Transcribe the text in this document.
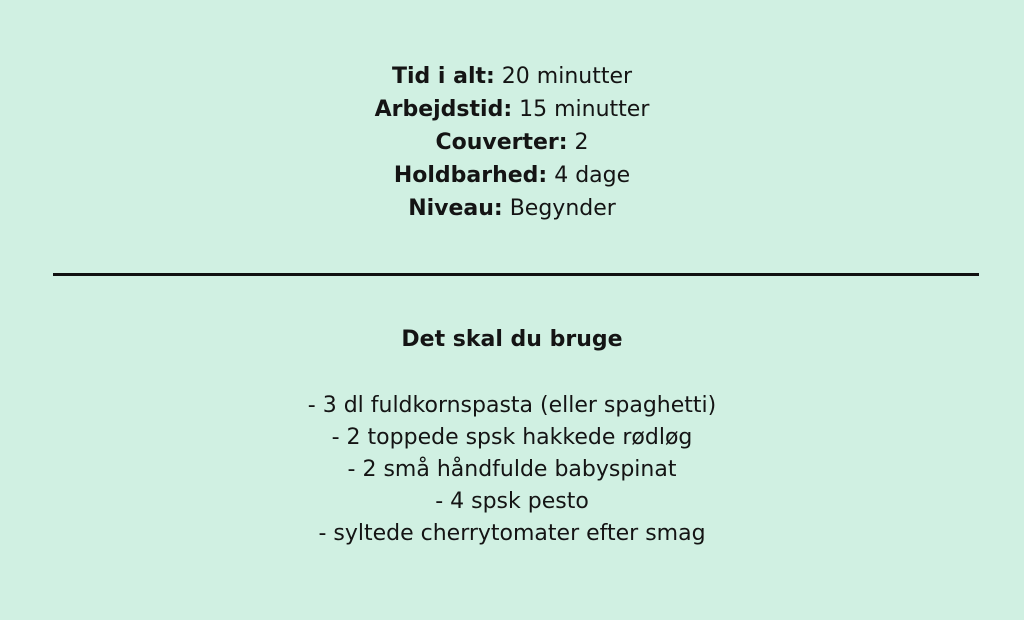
Tid i alt: 20 minutter
Arbejdstid: 15 minutter
Couverter: 2
Holdbarhed: 4 dage
Niveau: Begynder
Det skal du bruge
- 3 dl fuldkornspasta (eller spaghetti)
- 2 toppede spsk hakkede rødløg
- 2 små håndfulde babyspinat
- 4 spsk pesto
- syltede cherrytomater efter smag
